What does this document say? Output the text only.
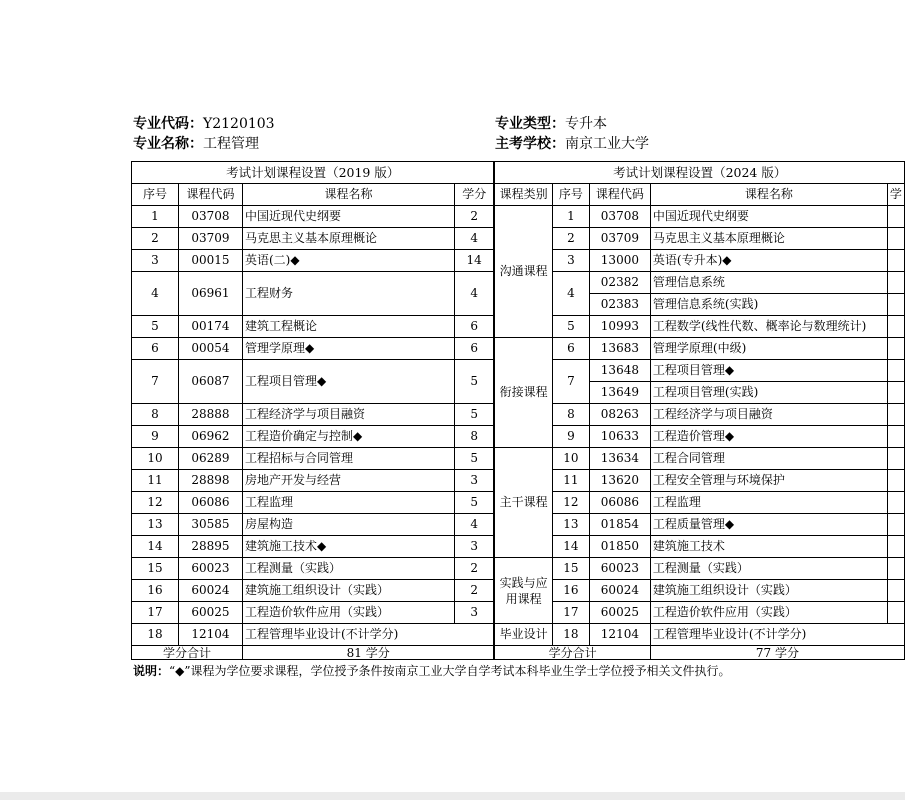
专业代码：Y2120103
专业名称：工程管理
专业类型：专升本
主考学校：南京工业大学
考试计划课程设置（2019 版）				考试计划课程设置（2024 版）				
序号	课程代码	课程名称	学分	课程类别	序号	课程代码	课程名称	学
1	03708	中国近现代史纲要	2	沟通课程	1	03708	中国近现代史纲要	
2	03709	马克思主义基本原理概论	4		2	03709	马克思主义基本原理概论	
3	00015	英语(二)◆	14		3	13000	英语(专升本)◆	
4	06961	工程财务	4		4	02382	管理信息系统	
						02383	管理信息系统(实践)	
5	00174	建筑工程概论	6		5	10993	工程数学(线性代数、概率论与数理统计)	
6	00054	管理学原理◆	6	衔接课程	6	13683	管理学原理(中级)	
7	06087	工程项目管理◆	5		7	13648	工程项目管理◆	
						13649	工程项目管理(实践)	
8	28888	工程经济学与项目融资	5		8	08263	工程经济学与项目融资	
9	06962	工程造价确定与控制◆	8		9	10633	工程造价管理◆	
10	06289	工程招标与合同管理	5	主干课程	10	13634	工程合同管理	
11	28898	房地产开发与经营	3		11	13620	工程安全管理与环境保护	
12	06086	工程监理	5		12	06086	工程监理	
13	30585	房屋构造	4		13	01854	工程质量管理◆	
14	28895	建筑施工技术◆	3		14	01850	建筑施工技术	
15	60023	工程测量（实践）	2	实践与应用课程	15	60023	工程测量（实践）	
16	60024	建筑施工组织设计（实践）	2		16	60024	建筑施工组织设计（实践）	
17	60025	工程造价软件应用（实践）	3		17	60025	工程造价软件应用（实践）	
18	12104	工程管理毕业设计(不计学分)		毕业设计	18	12104	工程管理毕业设计(不计学分)	
学分合计		81 学分		学分合计			77 学分	
说明：“◆”课程为学位要求课程，学位授予条件按南京工业大学自学考试本科毕业生学士学位授予相关文件执行。
